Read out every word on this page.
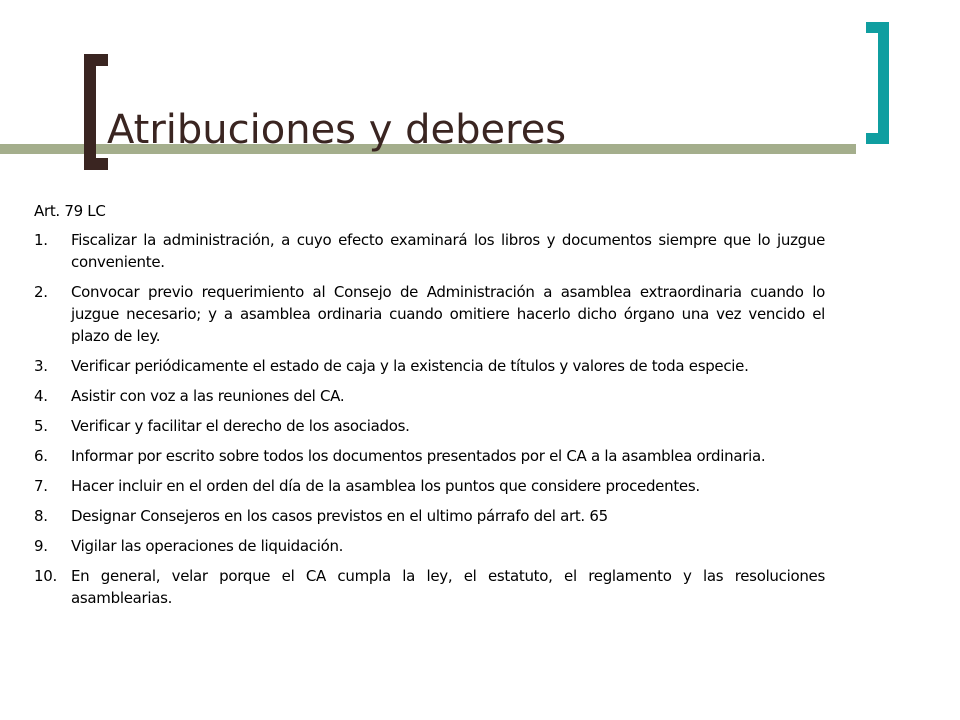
Atribuciones y deberes

Art. 79 LC

1.	Fiscalizar la administración, a cuyo efecto examinará los libros y documentos siempre que lo juzgue conveniente.
2.	Convocar previo requerimiento al Consejo de Administración a asamblea extraordinaria cuando lo juzgue necesario; y a asamblea ordinaria cuando omitiere hacerlo dicho órgano una vez vencido el plazo de ley.
3.	Verificar periódicamente el estado de caja y la existencia de títulos y valores de toda especie.
4.	Asistir con voz a las reuniones del CA.
5.	Verificar y facilitar el derecho de los asociados.
6.	Informar por escrito sobre todos los documentos presentados por el CA a la asamblea ordinaria.
7.	Hacer incluir en el orden del día de la asamblea los puntos que considere procedentes.
8.	Designar Consejeros en los casos previstos en el ultimo párrafo del art. 65
9.	Vigilar las operaciones de liquidación.
10. En general, velar porque el CA cumpla la ley, el estatuto, el reglamento y las resoluciones asamblearias.
